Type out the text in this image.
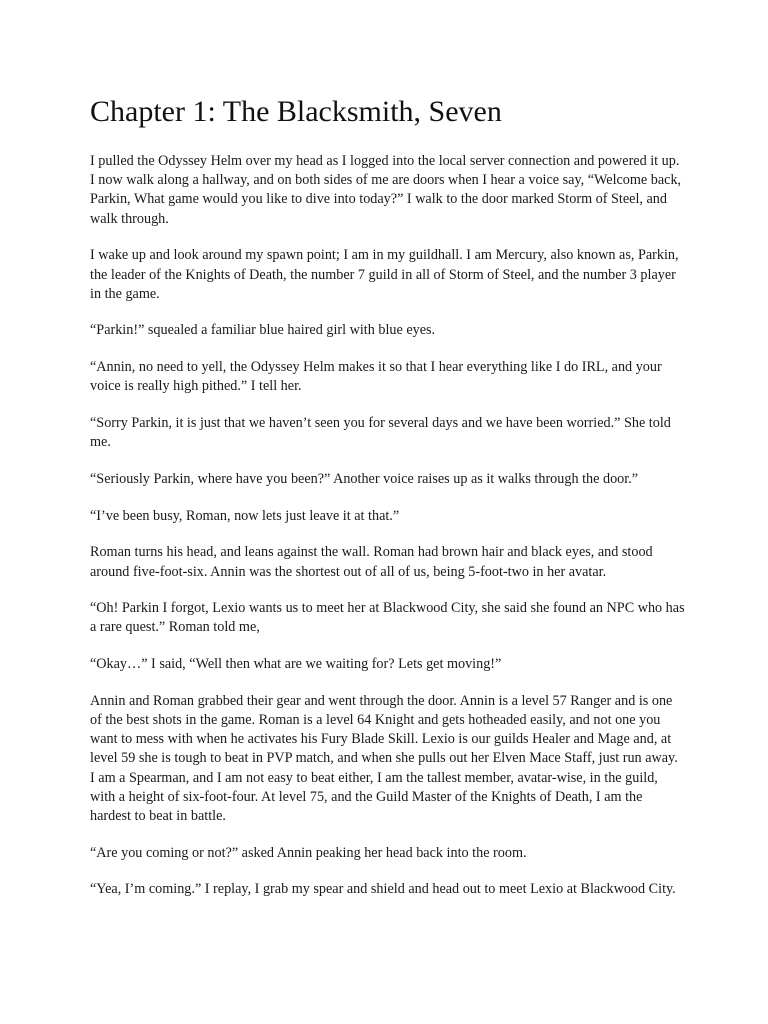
Chapter 1: The Blacksmith, Seven

I pulled the Odyssey Helm over my head as I logged into the local server connection and powered it up. I now walk along a hallway, and on both sides of me are doors when I hear a voice say, “Welcome back, Parkin, What game would you like to dive into today?” I walk to the door marked Storm of Steel, and walk through.

I wake up and look around my spawn point; I am in my guildhall. I am Mercury, also known as, Parkin, the leader of the Knights of Death, the number 7 guild in all of Storm of Steel, and the number 3 player in the game.

“Parkin!” squealed a familiar blue haired girl with blue eyes.

“Annin, no need to yell, the Odyssey Helm makes it so that I hear everything like I do IRL, and your voice is really high pithed.” I tell her.

“Sorry Parkin, it is just that we haven’t seen you for several days and we have been worried.” She told me.

“Seriously Parkin, where have you been?” Another voice raises up as it walks through the door.”

“I’ve been busy, Roman, now lets just leave it at that.”

Roman turns his head, and leans against the wall. Roman had brown hair and black eyes, and stood around five-foot-six. Annin was the shortest out of all of us, being 5-foot-two in her avatar.

“Oh! Parkin I forgot, Lexio wants us to meet her at Blackwood City, she said she found an NPC who has a rare quest.” Roman told me,

“Okay…” I said, “Well then what are we waiting for? Lets get moving!”

Annin and Roman grabbed their gear and went through the door. Annin is a level 57 Ranger and is one of the best shots in the game. Roman is a level 64 Knight and gets hotheaded easily, and not one you want to mess with when he activates his Fury Blade Skill. Lexio is our guilds Healer and Mage and, at level 59 she is tough to beat in PVP match, and when she pulls out her Elven Mace Staff, just run away. I am a Spearman, and I am not easy to beat either, I am the tallest member, avatar-wise, in the guild, with a height of six-foot-four. At level 75, and the Guild Master of the Knights of Death, I am the hardest to beat in battle.

“Are you coming or not?” asked Annin peaking her head back into the room.

“Yea, I’m coming.” I replay, I grab my spear and shield and head out to meet Lexio at Blackwood City.
